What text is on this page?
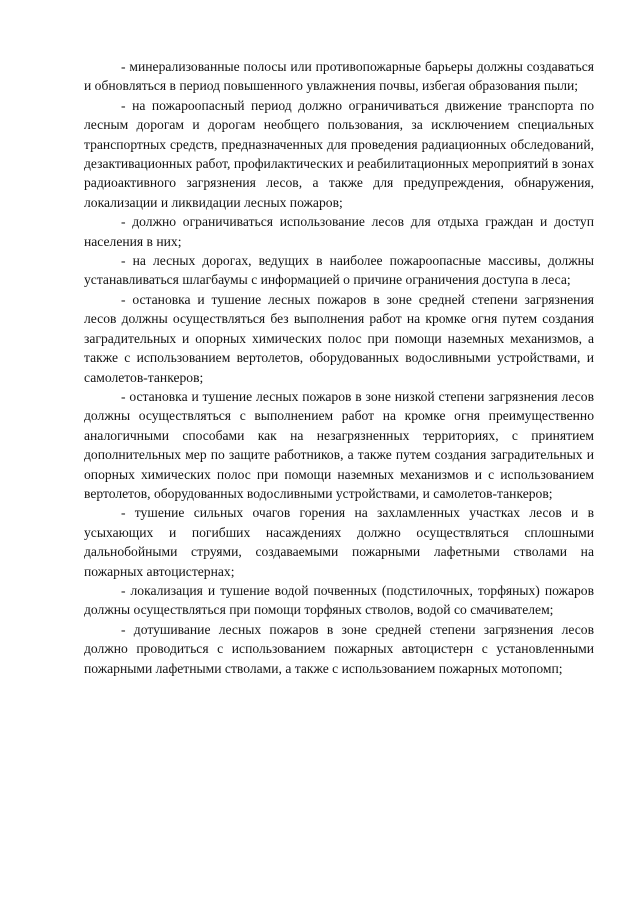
- минерализованные полосы или противопожарные барьеры должны создаваться и обновляться в период повышенного увлажнения почвы, избегая образования пыли;

- на пожароопасный период должно ограничиваться движение транспорта по лесным дорогам и дорогам необщего пользования, за исключением специальных транспортных средств, предназначенных для проведения радиационных обследований, дезактивационных работ, профилактических и реабилитационных мероприятий в зонах радиоактивного загрязнения лесов, а также для предупреждения, обнаружения, локализации и ликвидации лесных пожаров;

- должно ограничиваться использование лесов для отдыха граждан и доступ населения в них;

- на лесных дорогах, ведущих в наиболее пожароопасные массивы, должны устанавливаться шлагбаумы с информацией о причине ограничения доступа в леса;

- остановка и тушение лесных пожаров в зоне средней степени загрязнения лесов должны осуществляться без выполнения работ на кромке огня путем создания заградительных и опорных химических полос при помощи наземных механизмов, а также с использованием вертолетов, оборудованных водосливными устройствами, и самолетов-танкеров;

- остановка и тушение лесных пожаров в зоне низкой степени загрязнения лесов должны осуществляться с выполнением работ на кромке огня преимущественно аналогичными способами как на незагрязненных территориях, с принятием дополнительных мер по защите работников, а также путем создания заградительных и опорных химических полос при помощи наземных механизмов и с использованием вертолетов, оборудованных водосливными устройствами, и самолетов-танкеров;

- тушение сильных очагов горения на захламленных участках лесов и в усыхающих и погибших насаждениях должно осуществляться сплошными дальнобойными струями, создаваемыми пожарными лафетными стволами на пожарных автоцистернах;

- локализация и тушение водой почвенных (подстилочных, торфяных) пожаров должны осуществляться при помощи торфяных стволов, водой со смачивателем;

- дотушивание лесных пожаров в зоне средней степени загрязнения лесов должно проводиться с использованием пожарных автоцистерн с установленными пожарными лафетными стволами, а также с использованием пожарных мотопомп;
